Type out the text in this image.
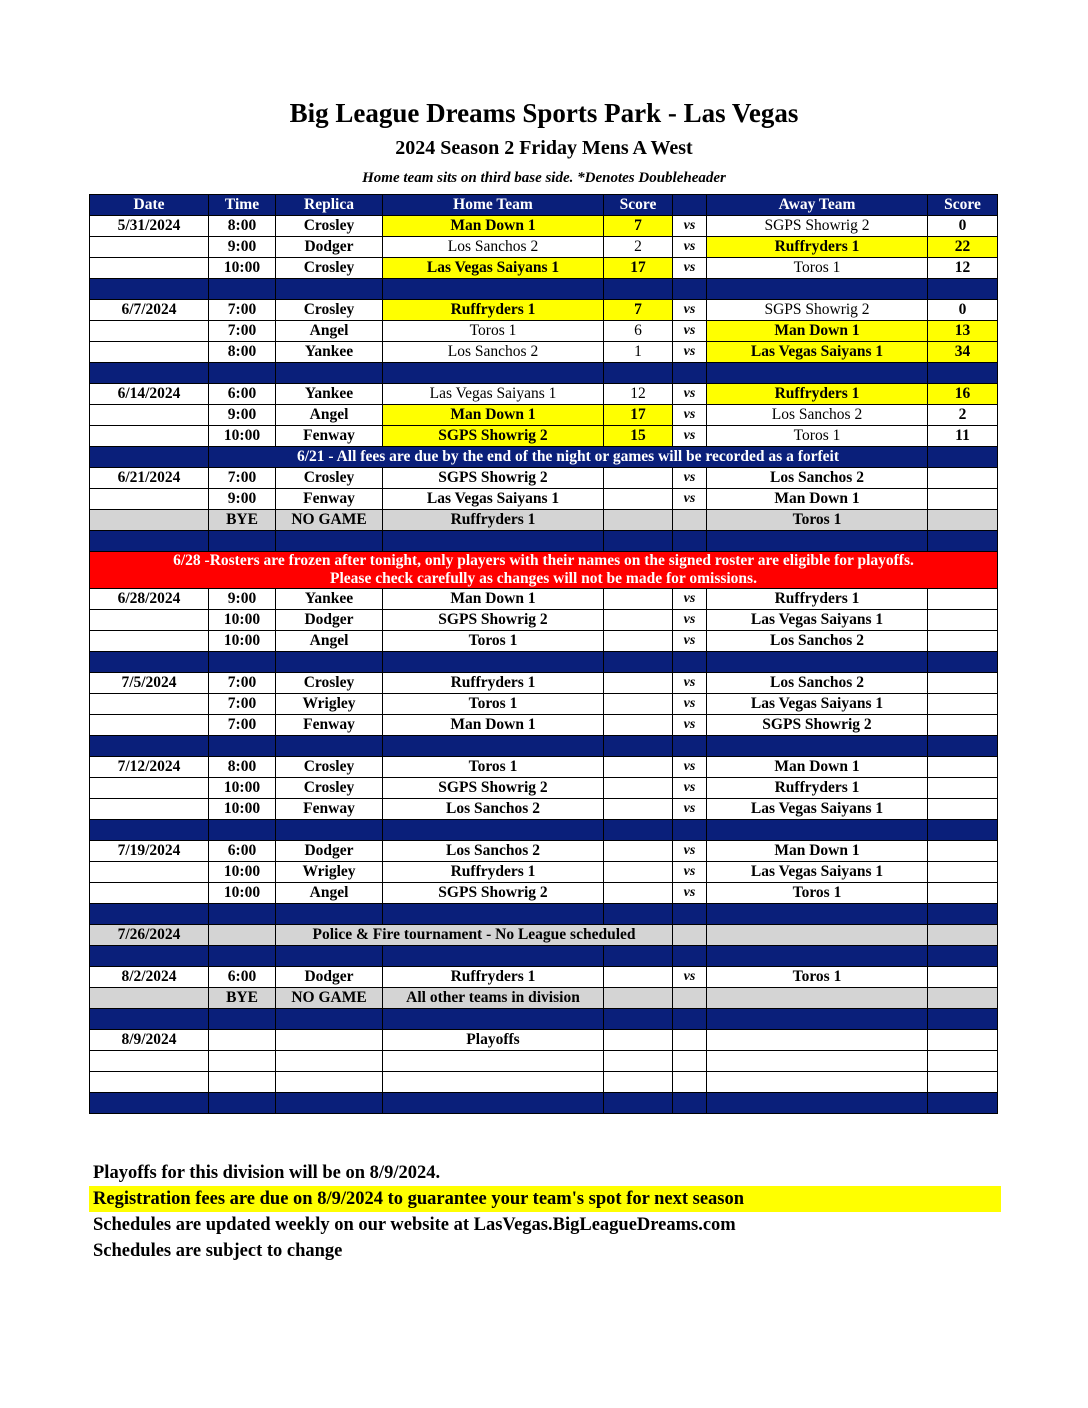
Big League Dreams Sports Park - Las Vegas
2024 Season 2 Friday Mens A West
Home team sits on third base side. *Denotes Doubleheader
Date	Time	Replica	Home Team	Score		Away Team	Score
5/31/2024	8:00	Crosley	Man Down 1	7	vs	SGPS Showrig 2	0
	9:00	Dodger	Los Sanchos 2	2	vs	Ruffryders 1	22
	10:00	Crosley	Las Vegas Saiyans 1	17	vs	Toros 1	12

6/7/2024	7:00	Crosley	Ruffryders 1	7	vs	SGPS Showrig 2	0
	7:00	Angel	Toros 1	6	vs	Man Down 1	13
	8:00	Yankee	Los Sanchos 2	1	vs	Las Vegas Saiyans 1	34

6/14/2024	6:00	Yankee	Las Vegas Saiyans 1	12	vs	Ruffryders 1	16
	9:00	Angel	Man Down 1	17	vs	Los Sanchos 2	2
	10:00	Fenway	SGPS Showrig 2	15	vs	Toros 1	11
	6/21 - All fees are due by the end of the night or games will be recorded as a forfeit						
6/21/2024	7:00	Crosley	SGPS Showrig 2		vs	Los Sanchos 2	
	9:00	Fenway	Las Vegas Saiyans 1		vs	Man Down 1	
	BYE	NO GAME	Ruffryders 1			Toros 1	

6/28 -Rosters are frozen after tonight, only players with their names on the signed roster are eligible for playoffs.
Please check carefully as changes will not be made for omissions.							

6/28/2024	9:00	Yankee	Man Down 1		vs	Ruffryders 1	
	10:00	Dodger	SGPS Showrig 2		vs	Las Vegas Saiyans 1	
	10:00	Angel	Toros 1		vs	Los Sanchos 2	

7/5/2024	7:00	Crosley	Ruffryders 1		vs	Los Sanchos 2	
	7:00	Wrigley	Toros 1		vs	Las Vegas Saiyans 1	
	7:00	Fenway	Man Down 1		vs	SGPS Showrig 2	

7/12/2024	8:00	Crosley	Toros 1		vs	Man Down 1	
	10:00	Crosley	SGPS Showrig 2		vs	Ruffryders 1	
	10:00	Fenway	Los Sanchos 2		vs	Las Vegas Saiyans 1	

7/19/2024	6:00	Dodger	Los Sanchos 2		vs	Man Down 1	
	10:00	Wrigley	Ruffryders 1		vs	Las Vegas Saiyans 1	
	10:00	Angel	SGPS Showrig 2		vs	Toros 1	

7/26/2024		Police & Fire tournament - No League scheduled					

8/2/2024	6:00	Dodger	Ruffryders 1		vs	Toros 1	
	BYE	NO GAME	All other teams in division				

8/9/2024			Playoffs				

Playoffs for this division will be on 8/9/2024.
Registration fees are due on 8/9/2024 to guarantee your team's spot for next season
Schedules are updated weekly on our website at LasVegas.BigLeagueDreams.com
Schedules are subject to change
